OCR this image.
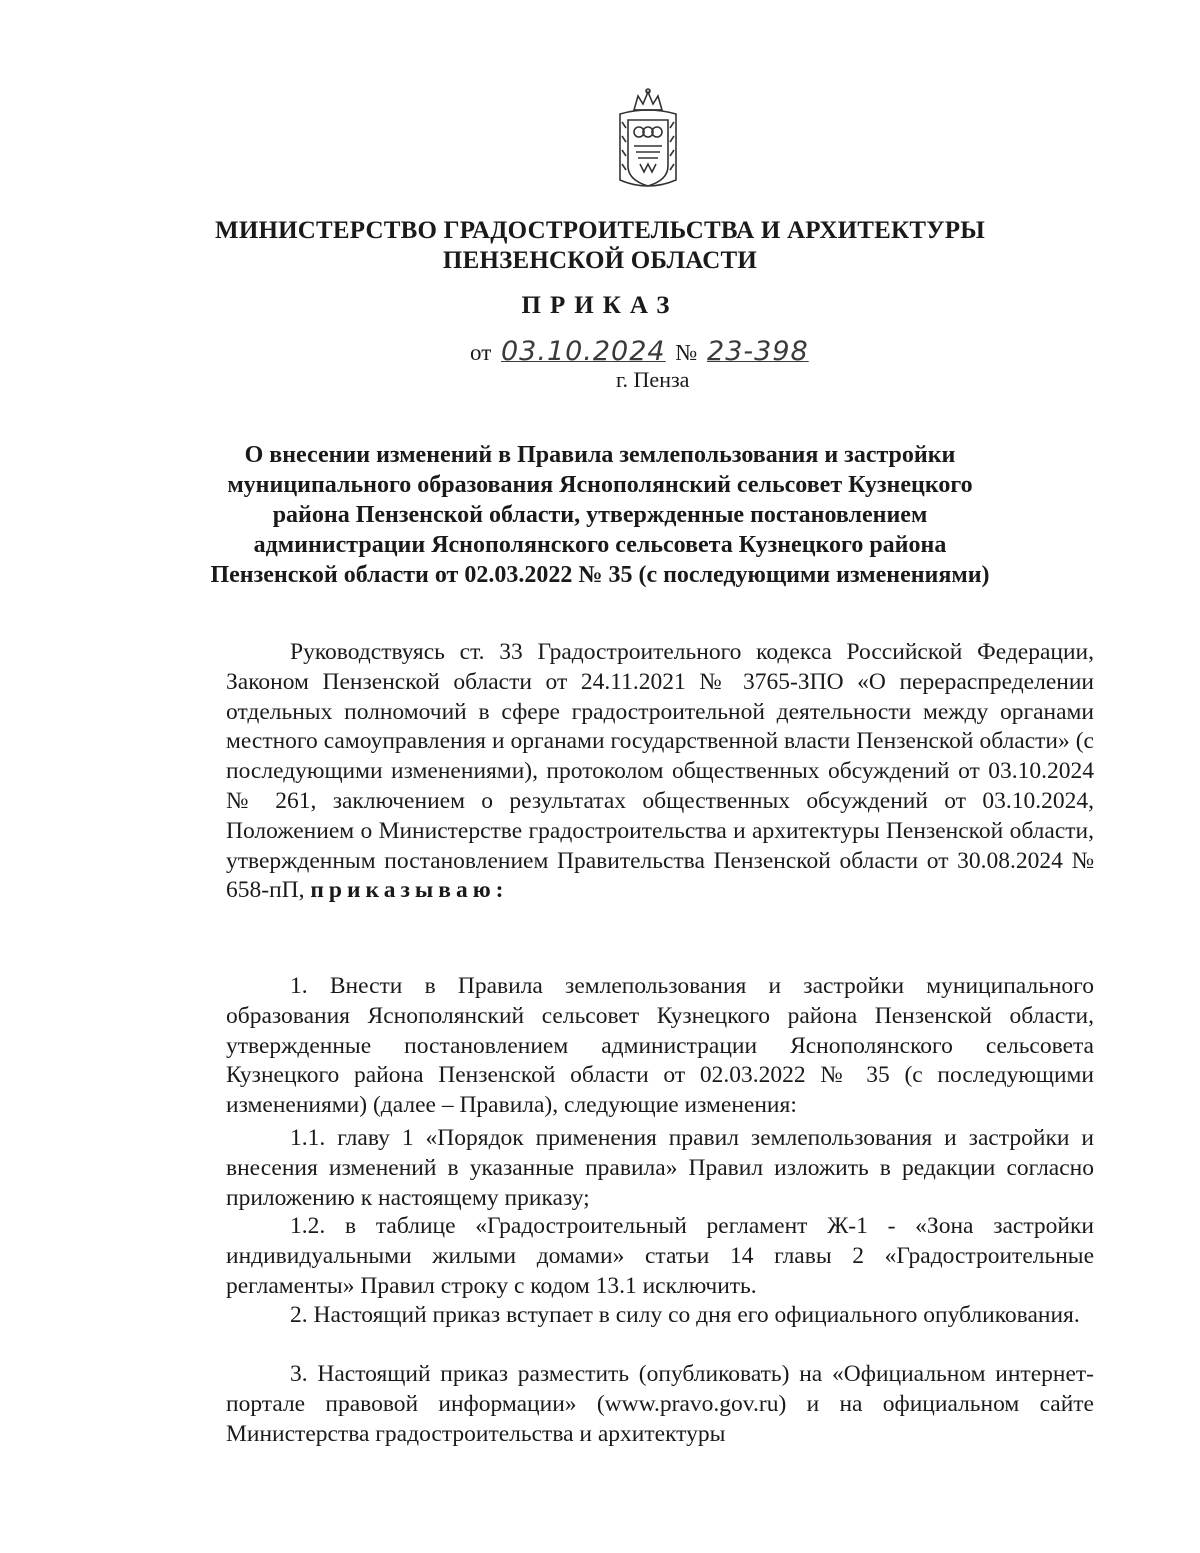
МИНИСТЕРСТВО ГРАДОСТРОИТЕЛЬСТВА И АРХИТЕКТУРЫ
ПЕНЗЕНСКОЙ ОБЛАСТИ
ПРИКАЗ
от 03.10.2024 № 23-398
г. Пенза
О внесении изменений в Правила землепользования и застройки муниципального образования Яснополянский сельсовет Кузнецкого района Пензенской области, утвержденные постановлением администрации Яснополянского сельсовета Кузнецкого района Пензенской области от 02.03.2022 № 35 (с последующими изменениями)

Руководствуясь ст. 33 Градостроительного кодекса Российской Федерации, Законом Пензенской области от 24.11.2021 № 3765-ЗПО «О перераспределении отдельных полномочий в сфере градостроительной деятельности между органами местного самоуправления и органами государственной власти Пензенской области» (с последующими изменениями), протоколом общественных обсуждений от 03.10.2024 № 261, заключением о результатах общественных обсуждений от 03.10.2024, Положением о Министерстве градостроительства и архитектуры Пензенской области, утвержденным постановлением Правительства Пензенской области от 30.08.2024 № 658-пП, приказываю:

1. Внести в Правила землепользования и застройки муниципального образования Яснополянский сельсовет Кузнецкого района Пензенской области, утвержденные постановлением администрации Яснополянского сельсовета Кузнецкого района Пензенской области от 02.03.2022 № 35 (с последующими изменениями) (далее – Правила), следующие изменения:

1.1. главу 1 «Порядок применения правил землепользования и застройки и внесения изменений в указанные правила» Правил изложить в редакции согласно приложению к настоящему приказу;

1.2. в таблице «Градостроительный регламент Ж-1 - «Зона застройки индивидуальными жилыми домами» статьи 14 главы 2 «Градостроительные регламенты» Правил строку с кодом 13.1 исключить.

2. Настоящий приказ вступает в силу со дня его официального опубликования.

3. Настоящий приказ разместить (опубликовать) на «Официальном интернет-портале правовой информации» (www.pravo.gov.ru) и на официальном сайте Министерства градостроительства и архитектуры
